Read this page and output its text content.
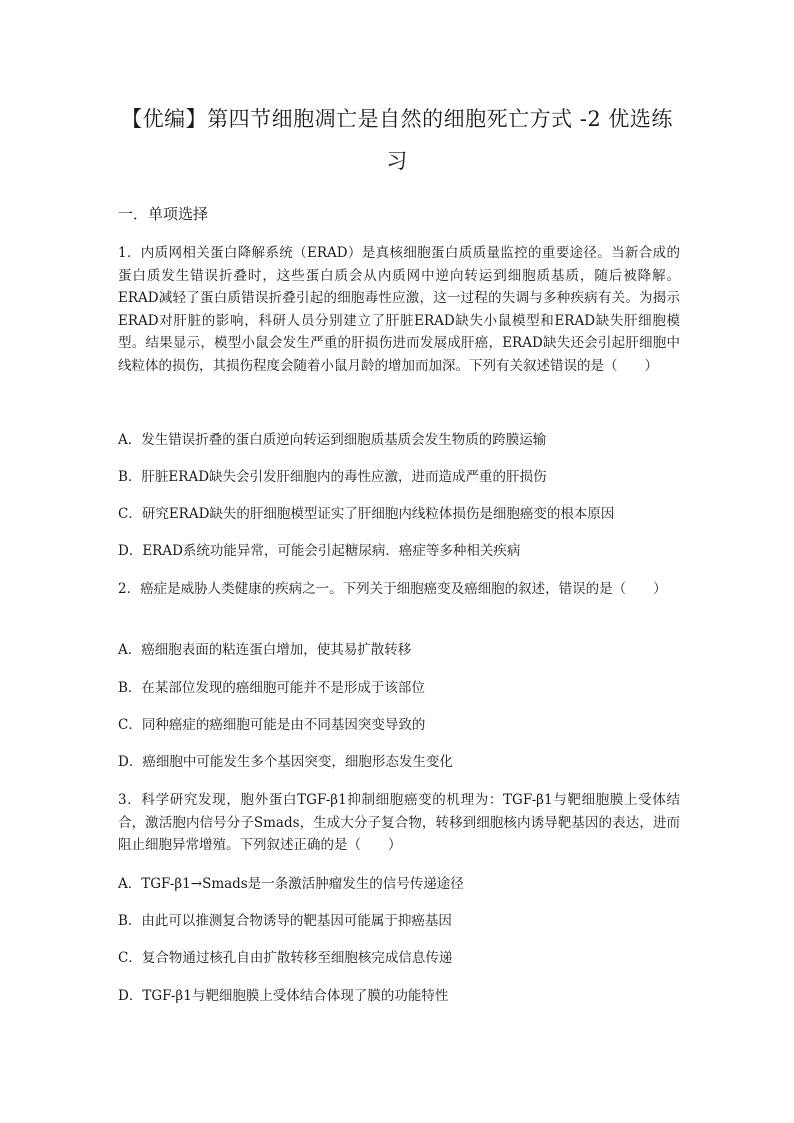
【优编】第四节细胞凋亡是自然的细胞死亡方式 -2 优选练习
一．单项选择
1．内质网相关蛋白降解系统（ERAD）是真核细胞蛋白质质量监控的重要途径。当新合成的蛋白质发生错误折叠时，这些蛋白质会从内质网中逆向转运到细胞质基质，随后被降解。ERAD减轻了蛋白质错误折叠引起的细胞毒性应激，这一过程的失调与多种疾病有关。为揭示ERAD对肝脏的影响，科研人员分别建立了肝脏ERAD缺失小鼠模型和ERAD缺失肝细胞模型。结果显示，模型小鼠会发生严重的肝损伤进而发展成肝癌，ERAD缺失还会引起肝细胞中线粒体的损伤，其损伤程度会随着小鼠月龄的增加而加深。下列有关叙述错误的是（　　）
A．发生错误折叠的蛋白质逆向转运到细胞质基质会发生物质的跨膜运输
B．肝脏ERAD缺失会引发肝细胞内的毒性应激，进而造成严重的肝损伤
C．研究ERAD缺失的肝细胞模型证实了肝细胞内线粒体损伤是细胞癌变的根本原因
D．ERAD系统功能异常，可能会引起糖尿病．癌症等多种相关疾病
2．癌症是威胁人类健康的疾病之一。下列关于细胞癌变及癌细胞的叙述，错误的是（　　）
A．癌细胞表面的粘连蛋白增加，使其易扩散转移
B．在某部位发现的癌细胞可能并不是形成于该部位
C．同种癌症的癌细胞可能是由不同基因突变导致的
D．癌细胞中可能发生多个基因突变，细胞形态发生变化
3．科学研究发现，胞外蛋白TGF-β1抑制细胞癌变的机理为：TGF-β1与靶细胞膜上受体结合，激活胞内信号分子Smads，生成大分子复合物，转移到细胞核内诱导靶基因的表达，进而阻止细胞异常增殖。下列叙述正确的是（　　）
A．TGF-β1→Smads是一条激活肿瘤发生的信号传递途径
B．由此可以推测复合物诱导的靶基因可能属于抑癌基因
C．复合物通过核孔自由扩散转移至细胞核完成信息传递
D．TGF-β1与靶细胞膜上受体结合体现了膜的功能特性
